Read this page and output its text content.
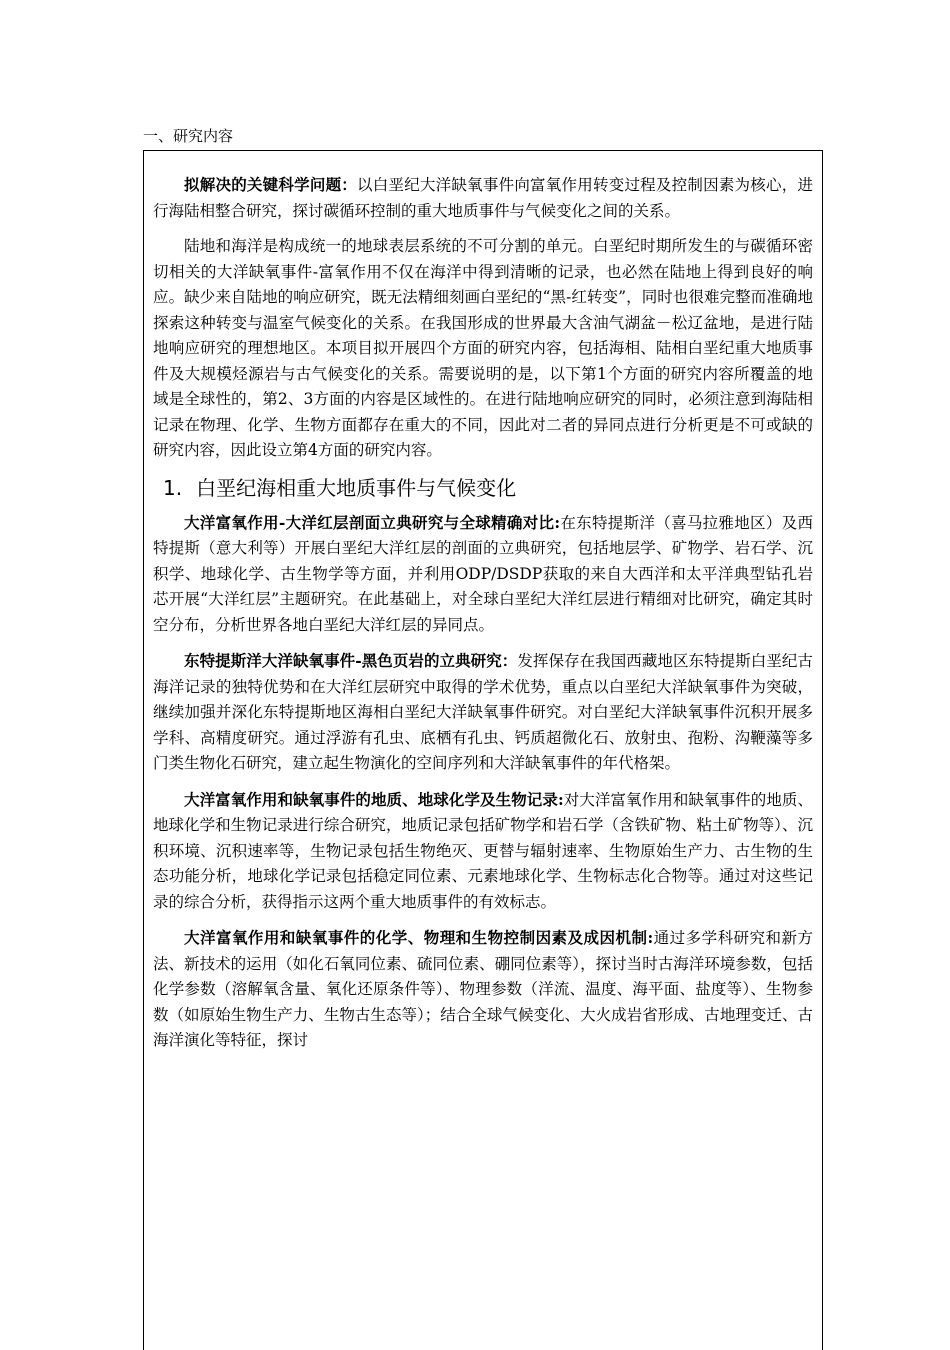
一、研究内容

拟解决的关键科学问题：以白垩纪大洋缺氧事件向富氧作用转变过程及控制因素为核心，进行海陆相整合研究，探讨碳循环控制的重大地质事件与气候变化之间的关系。

陆地和海洋是构成统一的地球表层系统的不可分割的单元。白垩纪时期所发生的与碳循环密切相关的大洋缺氧事件-富氧作用不仅在海洋中得到清晰的记录，也必然在陆地上得到良好的响应。缺少来自陆地的响应研究，既无法精细刻画白垩纪的“黑-红转变”，同时也很难完整而准确地探索这种转变与温室气候变化的关系。在我国形成的世界最大含油气湖盆－松辽盆地，是进行陆地响应研究的理想地区。本项目拟开展四个方面的研究内容，包括海相、陆相白垩纪重大地质事件及大规模烃源岩与古气候变化的关系。需要说明的是，以下第1个方面的研究内容所覆盖的地域是全球性的，第2、3方面的内容是区域性的。在进行陆地响应研究的同时，必须注意到海陆相记录在物理、化学、生物方面都存在重大的不同，因此对二者的异同点进行分析更是不可或缺的研究内容，因此设立第4方面的研究内容。

1. 白垩纪海相重大地质事件与气候变化

大洋富氧作用-大洋红层剖面立典研究与全球精确对比:在东特提斯洋（喜马拉雅地区）及西特提斯（意大利等）开展白垩纪大洋红层的剖面的立典研究，包括地层学、矿物学、岩石学、沉积学、地球化学、古生物学等方面，并利用ODP/DSDP获取的来自大西洋和太平洋典型钻孔岩芯开展“大洋红层”主题研究。在此基础上，对全球白垩纪大洋红层进行精细对比研究，确定其时空分布，分析世界各地白垩纪大洋红层的异同点。

东特提斯洋大洋缺氧事件-黑色页岩的立典研究：发挥保存在我国西藏地区东特提斯白垩纪古海洋记录的独特优势和在大洋红层研究中取得的学术优势，重点以白垩纪大洋缺氧事件为突破，继续加强并深化东特提斯地区海相白垩纪大洋缺氧事件研究。对白垩纪大洋缺氧事件沉积开展多学科、高精度研究。通过浮游有孔虫、底栖有孔虫、钙质超微化石、放射虫、孢粉、沟鞭藻等多门类生物化石研究，建立起生物演化的空间序列和大洋缺氧事件的年代格架。

大洋富氧作用和缺氧事件的地质、地球化学及生物记录:对大洋富氧作用和缺氧事件的地质、地球化学和生物记录进行综合研究，地质记录包括矿物学和岩石学（含铁矿物、粘土矿物等）、沉积环境、沉积速率等，生物记录包括生物绝灭、更替与辐射速率、生物原始生产力、古生物的生态功能分析，地球化学记录包括稳定同位素、元素地球化学、生物标志化合物等。通过对这些记录的综合分析，获得指示这两个重大地质事件的有效标志。

大洋富氧作用和缺氧事件的化学、物理和生物控制因素及成因机制:通过多学科研究和新方法、新技术的运用（如化石氧同位素、硫同位素、硼同位素等），探讨当时古海洋环境参数，包括化学参数（溶解氧含量、氧化还原条件等）、物理参数（洋流、温度、海平面、盐度等）、生物参数（如原始生物生产力、生物古生态等）；结合全球气候变化、大火成岩省形成、古地理变迁、古海洋演化等特征，探讨
